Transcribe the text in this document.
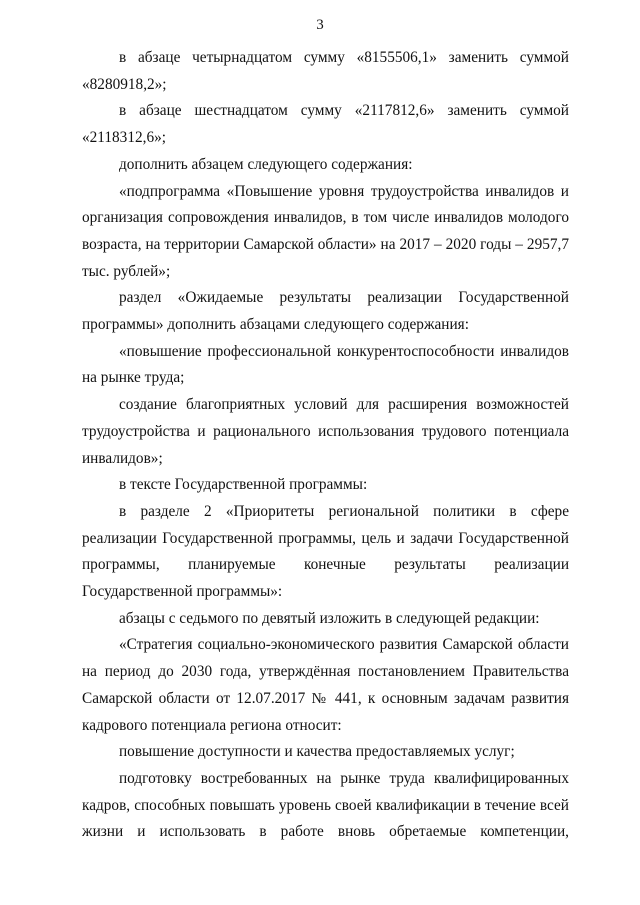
3

в абзаце четырнадцатом сумму «8155506,1» заменить суммой «8280918,2»;

в абзаце шестнадцатом сумму «2117812,6» заменить суммой «2118312,6»;

дополнить абзацем следующего содержания:

«подпрограмма «Повышение уровня трудоустройства инвалидов и организация сопровождения инвалидов, в том числе инвалидов молодого возраста, на территории Самарской области» на 2017 – 2020 годы – 2957,7 тыс. рублей»;

раздел «Ожидаемые результаты реализации Государственной программы» дополнить абзацами следующего содержания:

«повышение профессиональной конкурентоспособности инвалидов на рынке труда;

создание благоприятных условий для расширения возможностей трудоустройства и рационального использования трудового потенциала инвалидов»;

в тексте Государственной программы:

в разделе 2 «Приоритеты региональной политики в сфере реализации Государственной программы, цель и задачи Государственной программы, планируемые конечные результаты реализации Государственной программы»:

абзацы с седьмого по девятый изложить в следующей редакции:

«Стратегия социально-экономического развития Самарской области на период до 2030 года, утверждённая постановлением Правительства Самарской области от 12.07.2017 № 441, к основным задачам развития кадрового потенциала региона относит:

повышение доступности и качества предоставляемых услуг;

подготовку востребованных на рынке труда квалифицированных кадров, способных повышать уровень своей квалификации в течение всей жизни и использовать в работе вновь обретаемые компетенции,
